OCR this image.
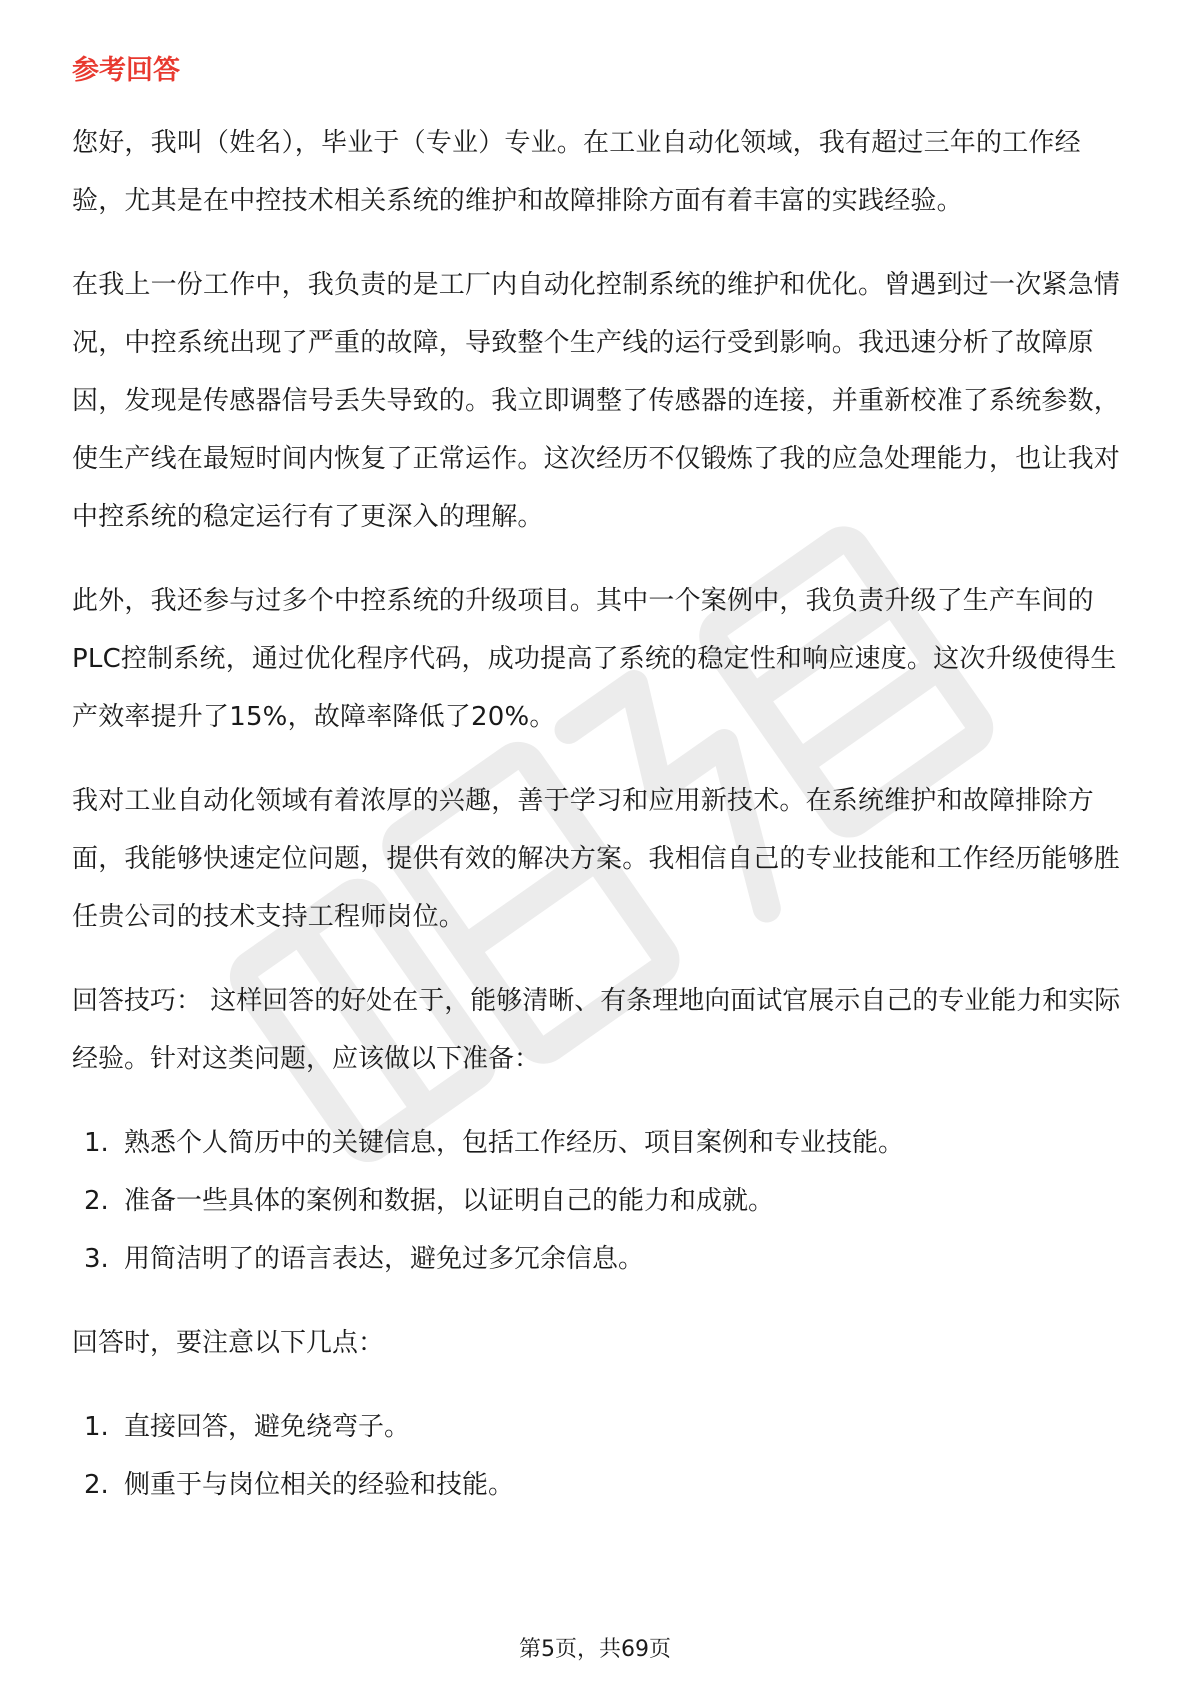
参考回答

您好，我叫（姓名），毕业于（专业）专业。在工业自动化领域，我有超过三年的工作经验，尤其是在中控技术相关系统的维护和故障排除方面有着丰富的实践经验。

在我上一份工作中，我负责的是工厂内自动化控制系统的维护和优化。曾遇到过一次紧急情况，中控系统出现了严重的故障，导致整个生产线的运行受到影响。我迅速分析了故障原因，发现是传感器信号丢失导致的。我立即调整了传感器的连接，并重新校准了系统参数，使生产线在最短时间内恢复了正常运作。这次经历不仅锻炼了我的应急处理能力，也让我对中控系统的稳定运行有了更深入的理解。

此外，我还参与过多个中控系统的升级项目。其中一个案例中，我负责升级了生产车间的PLC控制系统，通过优化程序代码，成功提高了系统的稳定性和响应速度。这次升级使得生产效率提升了15%，故障率降低了20%。

我对工业自动化领域有着浓厚的兴趣，善于学习和应用新技术。在系统维护和故障排除方面，我能够快速定位问题，提供有效的解决方案。我相信自己的专业技能和工作经历能够胜任贵公司的技术支持工程师岗位。

回答技巧： 这样回答的好处在于，能够清晰、有条理地向面试官展示自己的专业能力和实际经验。针对这类问题，应该做以下准备：

1. 熟悉个人简历中的关键信息，包括工作经历、项目案例和专业技能。
2. 准备一些具体的案例和数据，以证明自己的能力和成就。
3. 用简洁明了的语言表达，避免过多冗余信息。

回答时，要注意以下几点：

1. 直接回答，避免绕弯子。
2. 侧重于与岗位相关的经验和技能。
第5页，共69页
